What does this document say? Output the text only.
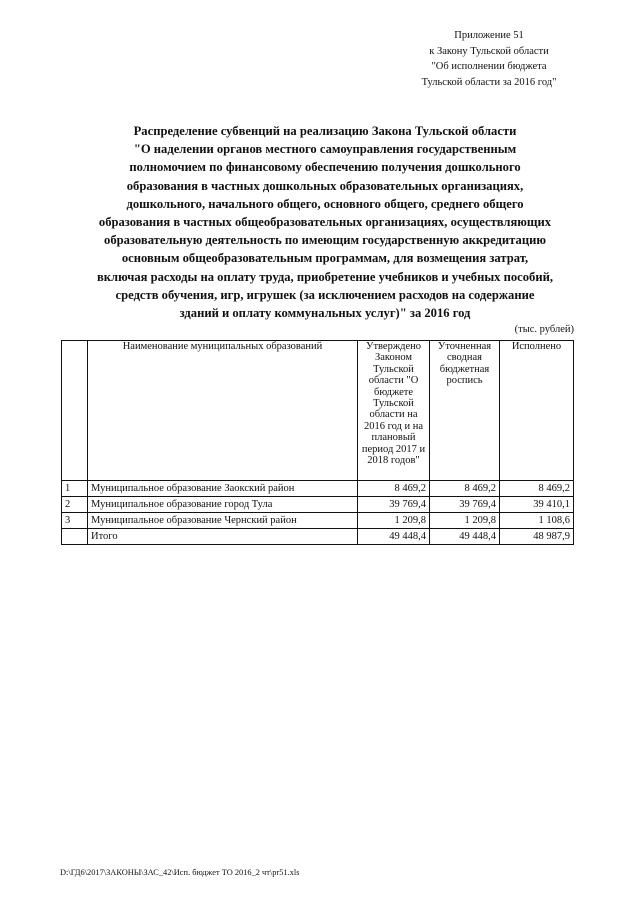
Приложение 51
к Закону Тульской области
"Об исполнении бюджета
Тульской области за 2016 год"
Распределение субвенций на реализацию Закона Тульской области
"О наделении органов местного самоуправления государственным
полномочием по финансовому обеспечению получения дошкольного
образования в частных дошкольных образовательных организациях,
дошкольного, начального общего, основного общего, среднего общего
образования в частных общеобразовательных организациях, осуществляющих
образовательную деятельность по имеющим государственную аккредитацию
основным общеобразовательным программам, для возмещения затрат,
включая расходы на оплату труда, приобретение учебников и учебных пособий,
средств обучения, игр, игрушек (за исключением расходов на содержание
зданий и оплату коммунальных услуг)" за 2016 год
(тыс. рублей)
	Наименование муниципальных образований	Утверждено Законом Тульской области "О бюджете Тульской области на 2016 год и на плановый период 2017 и 2018 годов"	Уточненная сводная бюджетная роспись	Исполнено
1	Муниципальное образование Заокский район	8 469,2	8 469,2	8 469,2
2	Муниципальное образование город Тула	39 769,4	39 769,4	39 410,1
3	Муниципальное образование Чернский район	1 209,8	1 209,8	1 108,6
	Итого	49 448,4	49 448,4	48 987,9
D:\ГД6\2017\ЗАКОНЫ\ЗАС_42\Исп. бюджет ТО 2016_2 чт\pr51.xls
